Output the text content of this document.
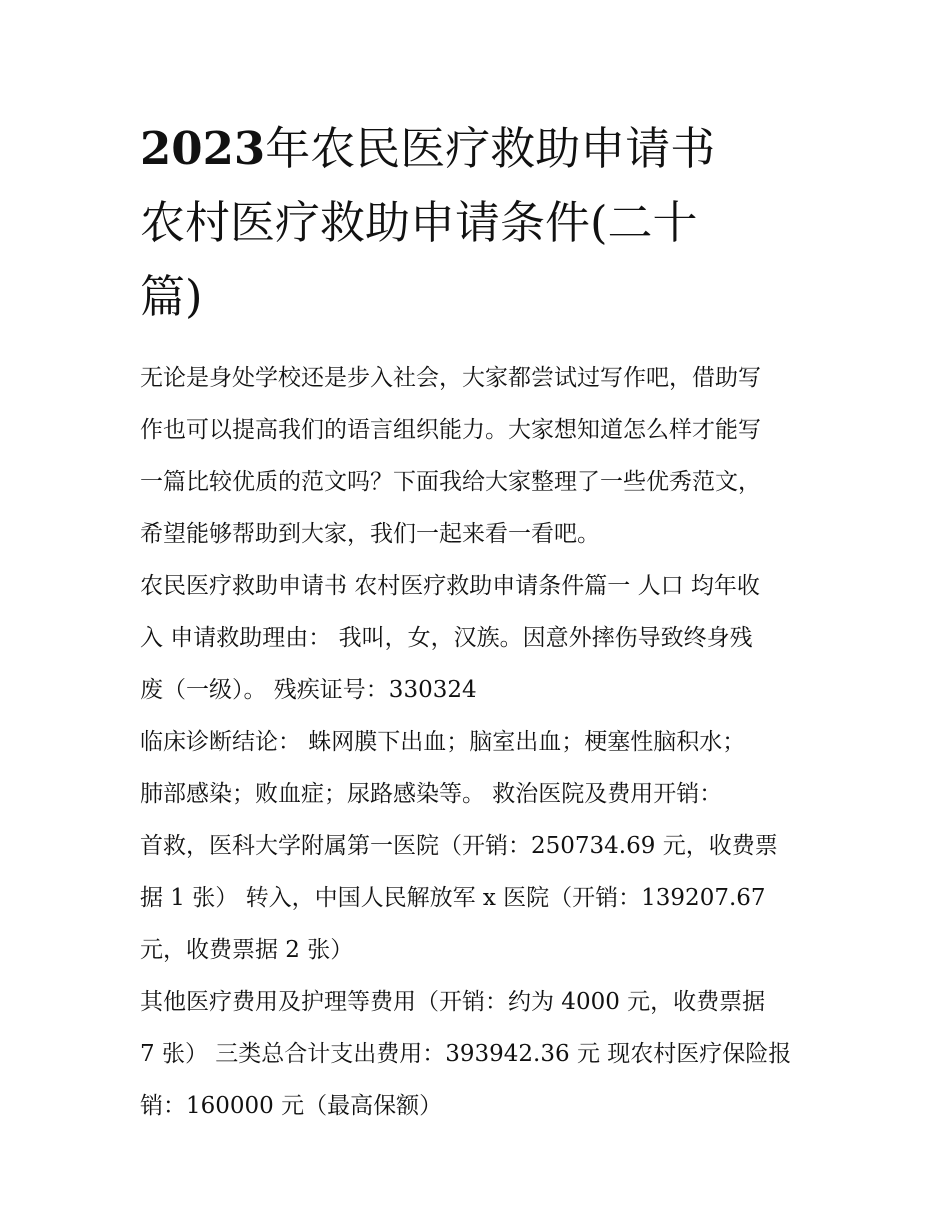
2023年农民医疗救助申请书
农村医疗救助申请条件(二十
篇)

无论是身处学校还是步入社会，大家都尝试过写作吧，借助写
作也可以提高我们的语言组织能力。大家想知道怎么样才能写
一篇比较优质的范文吗？下面我给大家整理了一些优秀范文，
希望能够帮助到大家，我们一起来看一看吧。

农民医疗救助申请书 农村医疗救助申请条件篇一 人口 均年收
入 申请救助理由： 我叫，女，汉族。因意外摔伤导致终身残
废（一级）。 残疾证号：330324

临床诊断结论： 蛛网膜下出血；脑室出血；梗塞性脑积水；
肺部感染；败血症；尿路感染等。 救治医院及费用开销：
首救，医科大学附属第一医院（开销：250734.69 元，收费票
据 1 张） 转入，中国人民解放军 x 医院（开销：139207.67
元，收费票据 2 张）

其他医疗费用及护理等费用（开销：约为 4000 元，收费票据
7 张） 三类总合计支出费用：393942.36 元 现农村医疗保险报
销：160000 元（最高保额）
